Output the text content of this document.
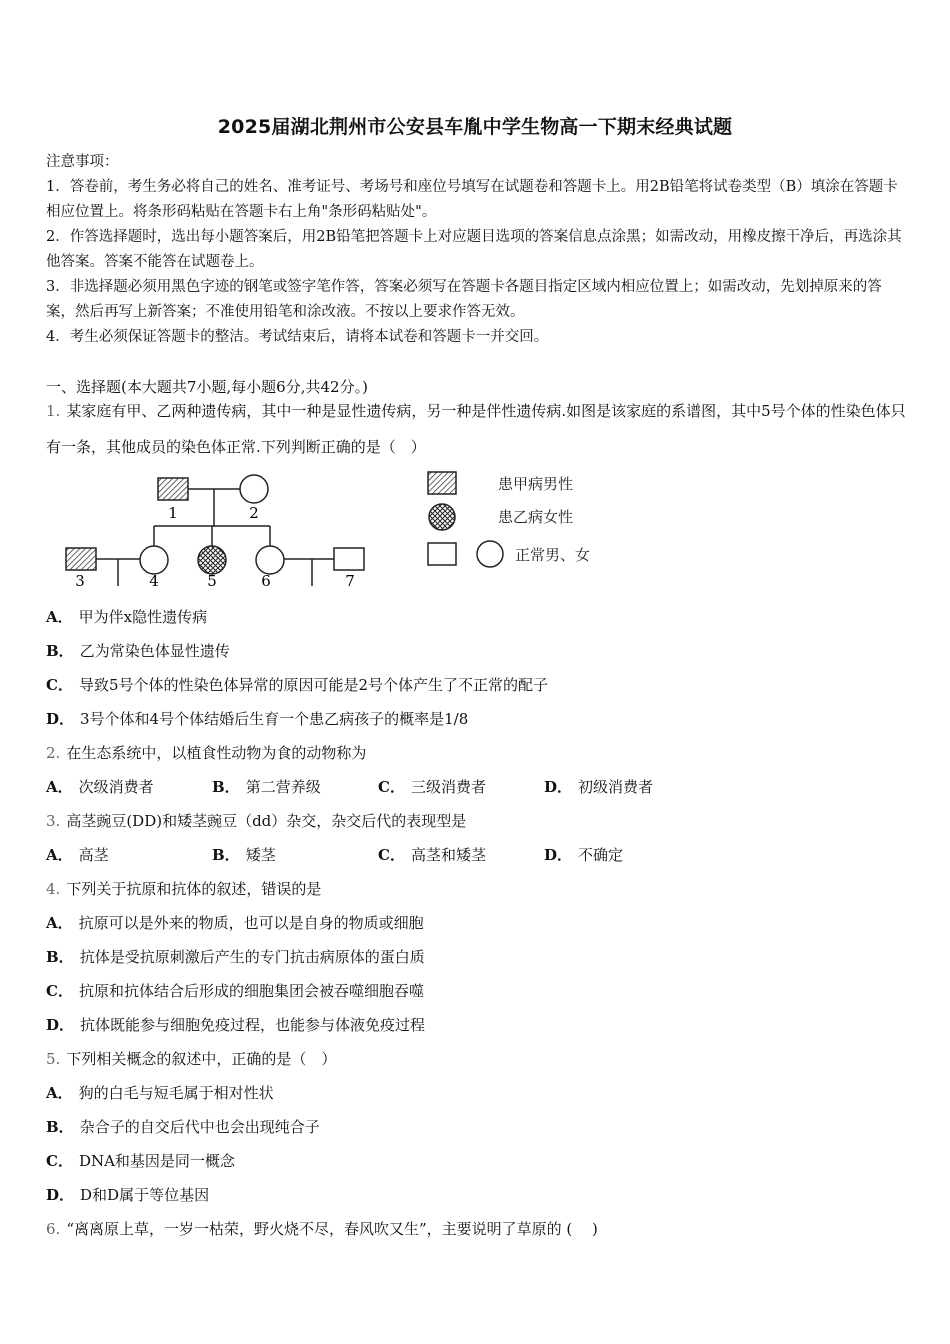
2025届湖北荆州市公安县车胤中学生物高一下期末经典试题

注意事项：

1．答卷前，考生务必将自己的姓名、准考证号、考场号和座位号填写在试题卷和答题卡上。用2B铅笔将试卷类型（B）填涂在答题卡相应位置上。将条形码粘贴在答题卡右上角"条形码粘贴处"。

2．作答选择题时，选出每小题答案后，用2B铅笔把答题卡上对应题目选项的答案信息点涂黑；如需改动，用橡皮擦干净后，再选涂其他答案。答案不能答在试题卷上。

3．非选择题必须用黑色字迹的钢笔或签字笔作答，答案必须写在答题卡各题目指定区域内相应位置上；如需改动，先划掉原来的答案，然后再写上新答案；不准使用铅笔和涂改液。不按以上要求作答无效。

4．考生必须保证答题卡的整洁。考试结束后，请将本试卷和答题卡一并交回。

一、选择题(本大题共7小题,每小题6分,共42分。)
1. 某家庭有甲、乙两种遗传病，其中一种是显性遗传病，另一种是伴性遗传病.如图是该家庭的系谱图，其中5号个体的性染色体只有一条，其他成员的染色体正常.下列判断正确的是（　）
1	2
3	4	5	6	7
患甲病男性
患乙病女性
正常男、女
A． 甲为伴x隐性遗传病
B． 乙为常染色体显性遗传
C． 导致5号个体的性染色体异常的原因可能是2号个体产生了不正常的配子
D． 3号个体和4号个体结婚后生育一个患乙病孩子的概率是1/8
2. 在生态系统中，以植食性动物为食的动物称为
A． 次级消费者	B． 第二营养级	C． 三级消费者	D． 初级消费者
3. 高茎豌豆(DD)和矮茎豌豆（dd）杂交，杂交后代的表现型是
A． 高茎	B． 矮茎	C． 高茎和矮茎	D． 不确定
4. 下列关于抗原和抗体的叙述，错误的是
A． 抗原可以是外来的物质，也可以是自身的物质或细胞
B． 抗体是受抗原刺激后产生的专门抗击病原体的蛋白质
C． 抗原和抗体结合后形成的细胞集团会被吞噬细胞吞噬
D． 抗体既能参与细胞免疫过程，也能参与体液免疫过程
5. 下列相关概念的叙述中，正确的是（　）
A． 狗的白毛与短毛属于相对性状
B． 杂合子的自交后代中也会出现纯合子
C． DNA和基因是同一概念
D． D和D属于等位基因
6. “离离原上草，一岁一枯荣，野火烧不尽，春风吹又生”，主要说明了草原的 (　 )
